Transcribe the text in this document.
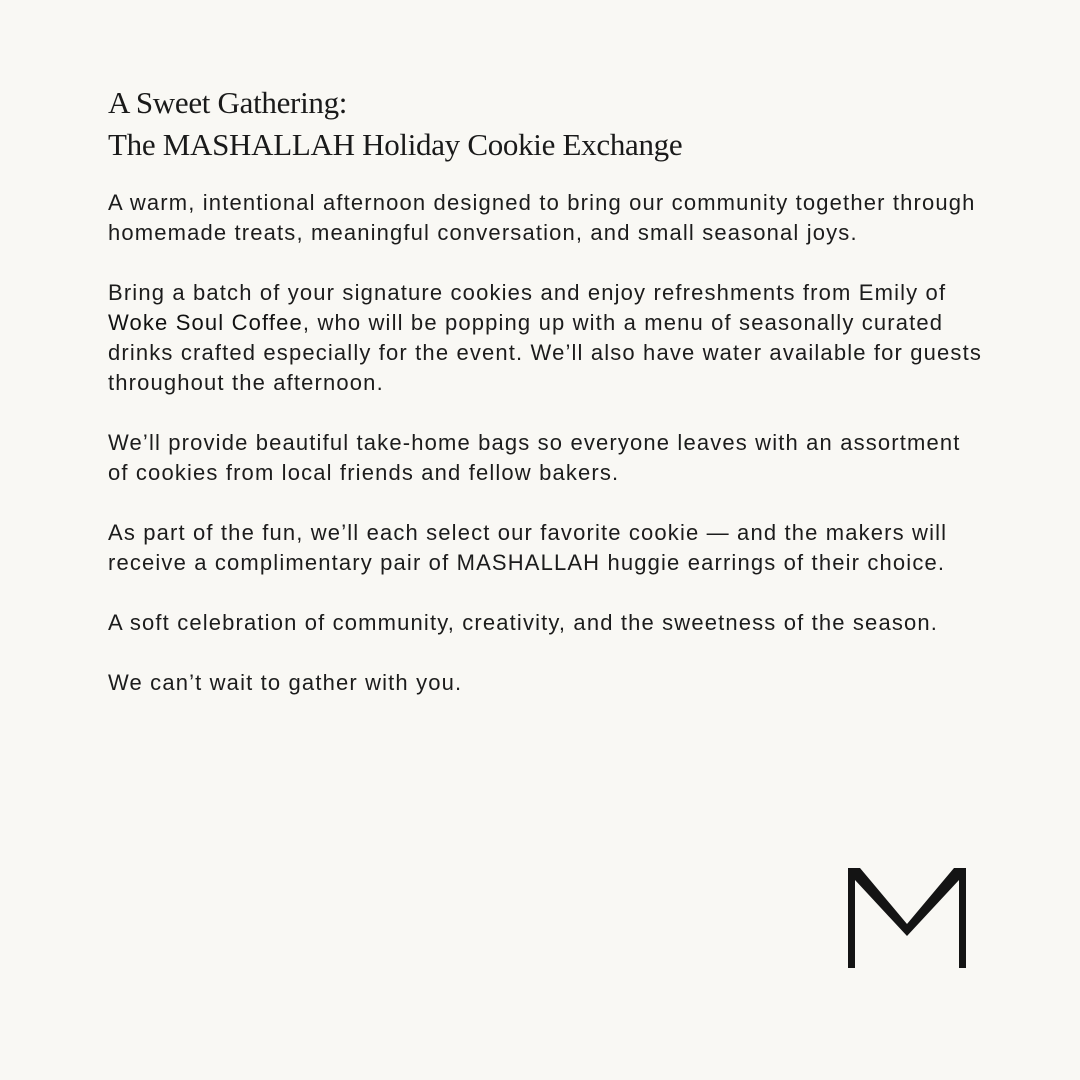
A Sweet Gathering:
The MASHALLAH Holiday Cookie Exchange

A warm, intentional afternoon designed to bring our community together through homemade treats, meaningful conversation, and small seasonal joys.

Bring a batch of your signature cookies and enjoy refreshments from Emily of Woke Soul Coffee, who will be popping up with a menu of seasonally curated drinks crafted especially for the event. We’ll also have water available for guests throughout the afternoon.

We’ll provide beautiful take-home bags so everyone leaves with an assortment of cookies from local friends and fellow bakers.

As part of the fun, we’ll each select our favorite cookie — and the makers will receive a complimentary pair of MASHALLAH huggie earrings of their choice.

A soft celebration of community, creativity, and the sweetness of the season.

We can’t wait to gather with you.
